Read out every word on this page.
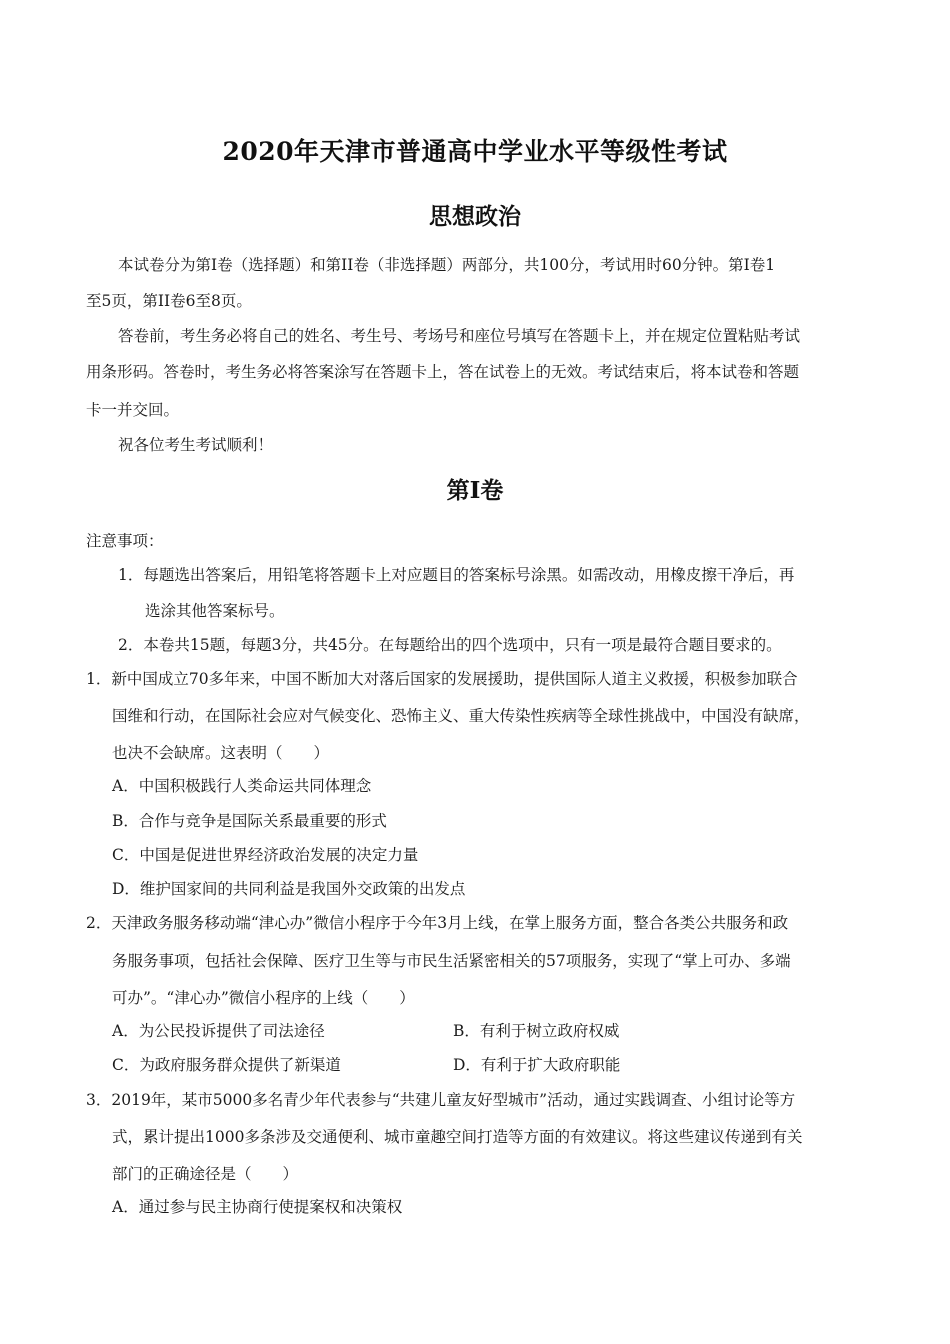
2020年天津市普通高中学业水平等级性考试
思想政治
本试卷分为第I卷（选择题）和第II卷（非选择题）两部分，共100分，考试用时60分钟。第I卷1
至5页，第II卷6至8页。
答卷前，考生务必将自己的姓名、考生号、考场号和座位号填写在答题卡上，并在规定位置粘贴考试
用条形码。答卷时，考生务必将答案涂写在答题卡上，答在试卷上的无效。考试结束后，将本试卷和答题
卡一并交回。
祝各位考生考试顺利！
第I卷
注意事项：
1．每题选出答案后，用铅笔将答题卡上对应题目的答案标号涂黑。如需改动，用橡皮擦干净后，再
选涂其他答案标号。
2．本卷共15题，每题3分，共45分。在每题给出的四个选项中，只有一项是最符合题目要求的。
1．新中国成立70多年来，中国不断加大对落后国家的发展援助，提供国际人道主义救援，积极参加联合
国维和行动，在国际社会应对气候变化、恐怖主义、重大传染性疾病等全球性挑战中，中国没有缺席，
也决不会缺席。这表明（　　）
A．中国积极践行人类命运共同体理念
B．合作与竞争是国际关系最重要的形式
C．中国是促进世界经济政治发展的决定力量
D．维护国家间的共同利益是我国外交政策的出发点
2．天津政务服务移动端“津心办”微信小程序于今年3月上线，在掌上服务方面，整合各类公共服务和政
务服务事项，包括社会保障、医疗卫生等与市民生活紧密相关的57项服务，实现了“掌上可办、多端
可办”。“津心办”微信小程序的上线（　　）
A．为公民投诉提供了司法途径	B．有利于树立政府权威
C．为政府服务群众提供了新渠道	D．有利于扩大政府职能
3．2019年，某市5000多名青少年代表参与“共建儿童友好型城市”活动，通过实践调查、小组讨论等方
式，累计提出1000多条涉及交通便利、城市童趣空间打造等方面的有效建议。将这些建议传递到有关
部门的正确途径是（　　）
A．通过参与民主协商行使提案权和决策权
